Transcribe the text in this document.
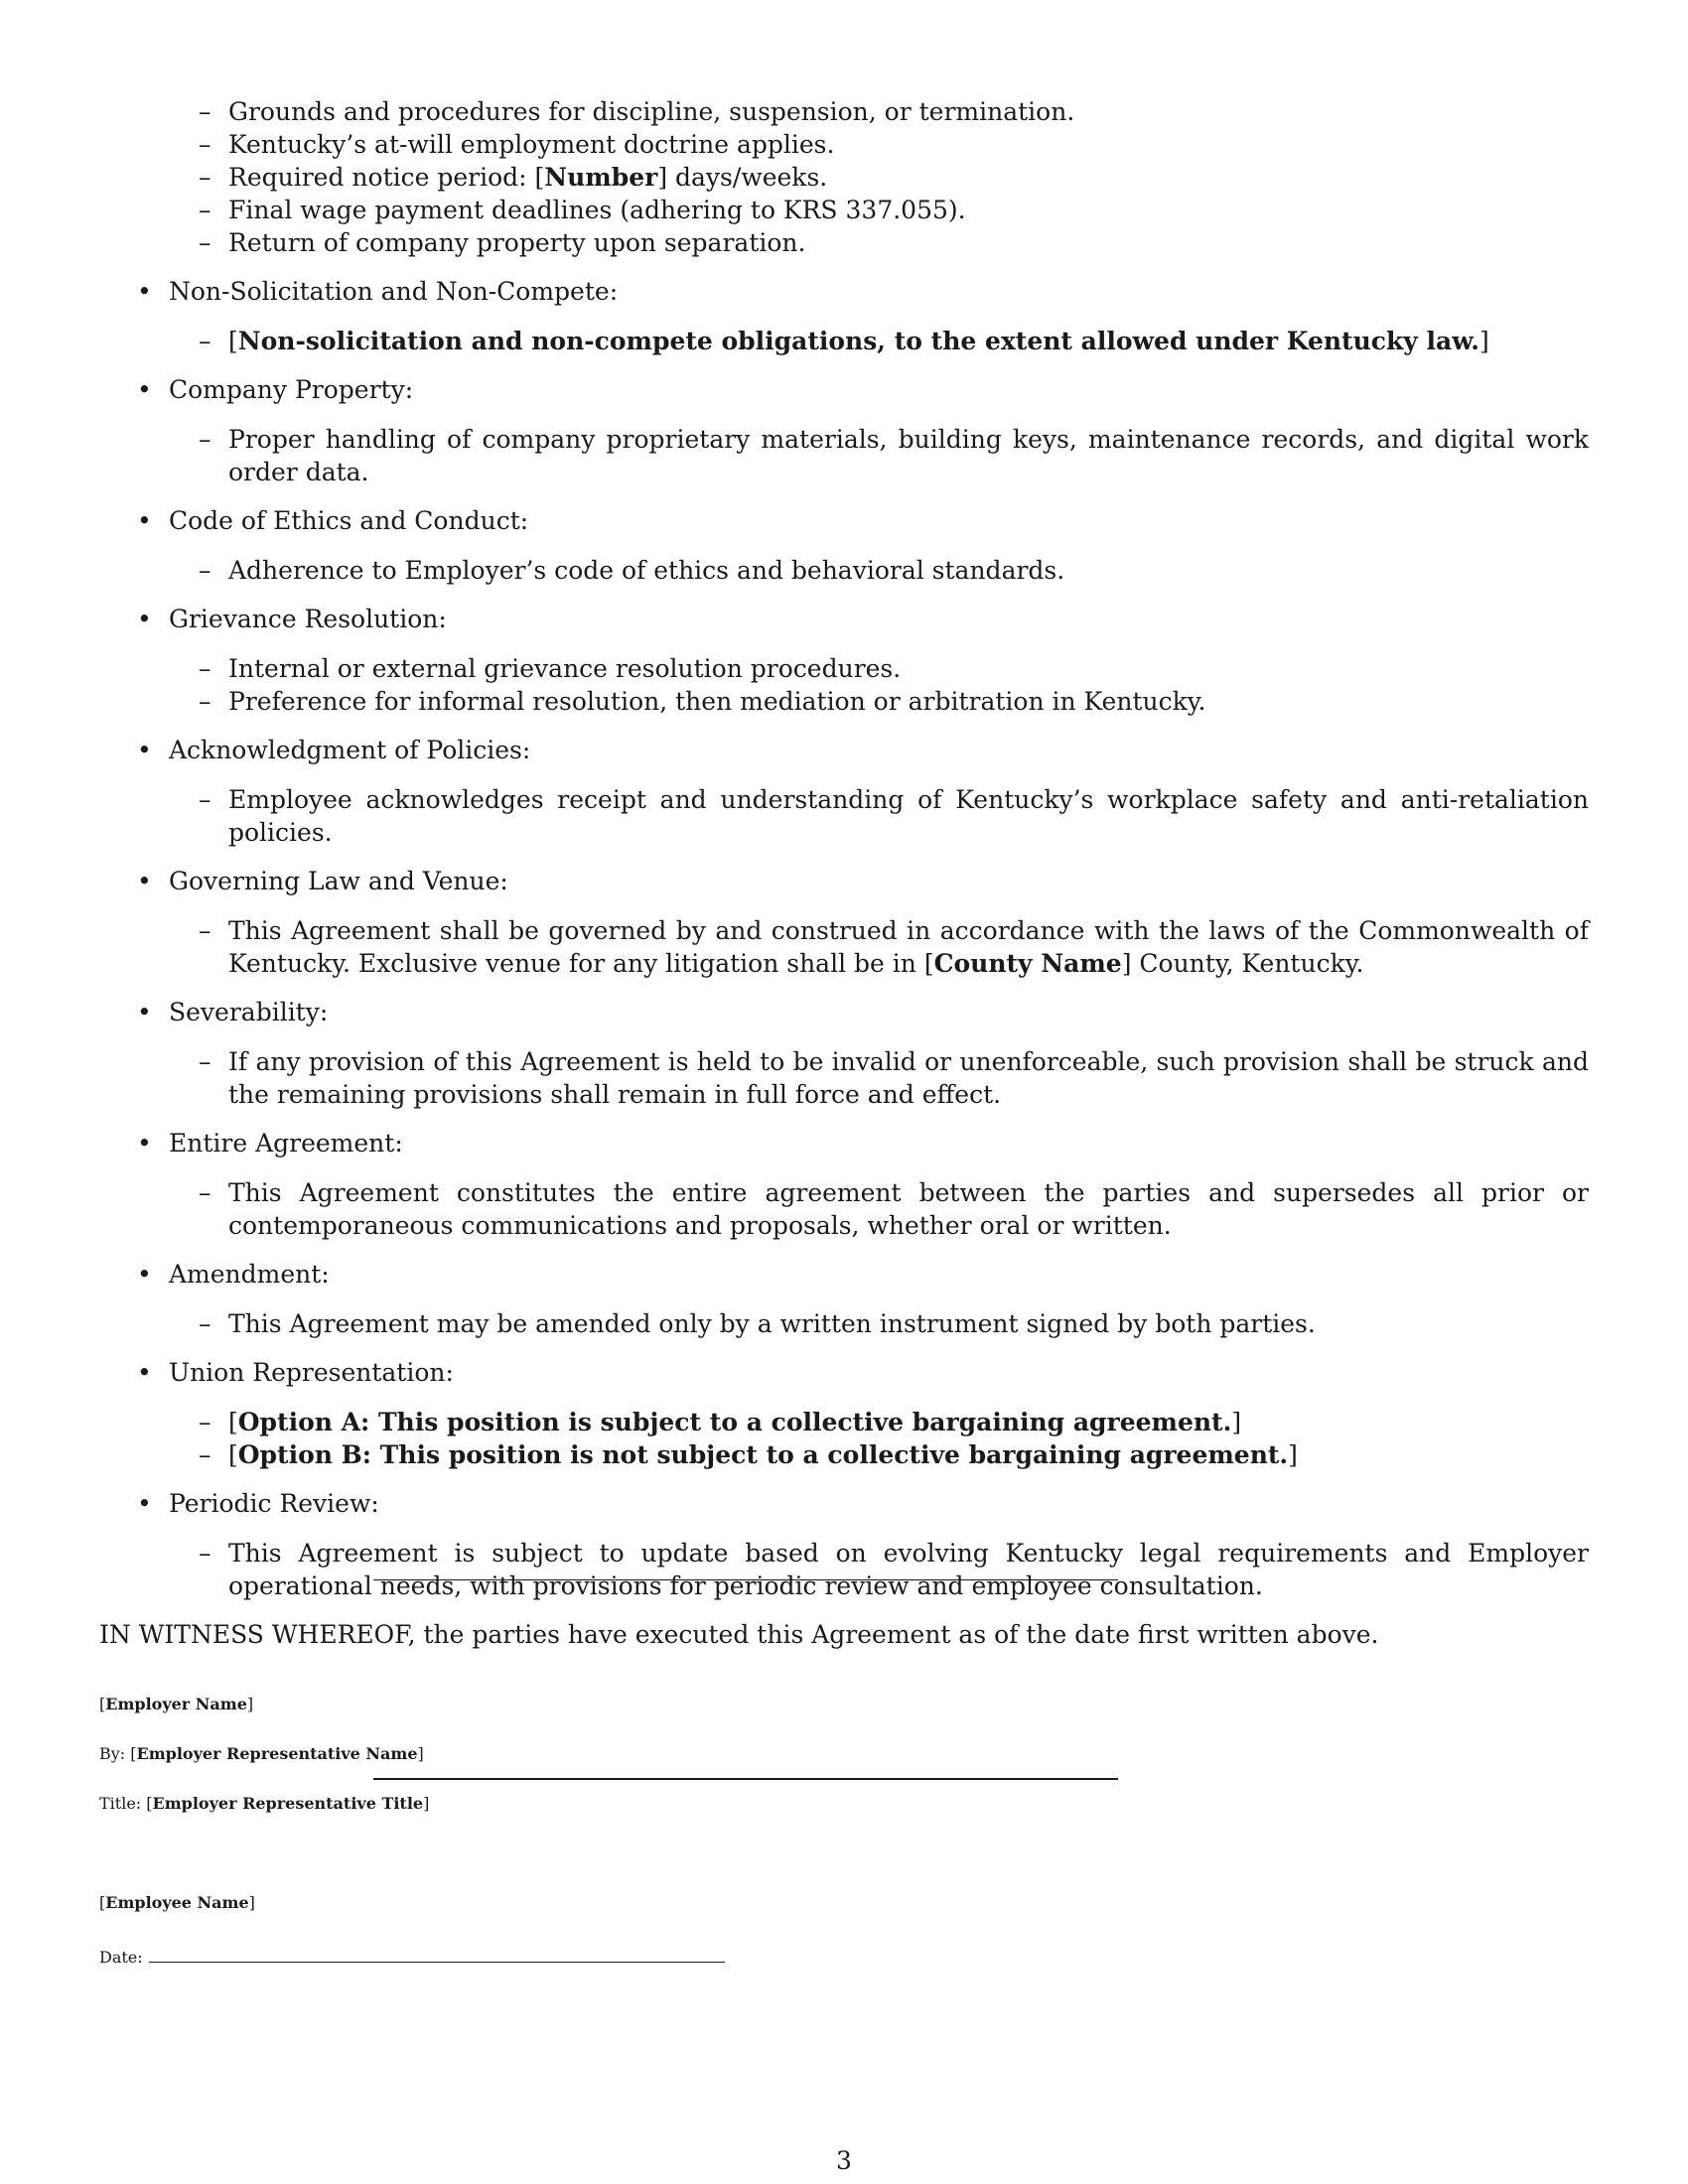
– Grounds and procedures for discipline, suspension, or termination.
– Kentucky’s at-will employment doctrine applies.
– Required notice period: [Number] days/weeks.
– Final wage payment deadlines (adhering to KRS 337.055).
– Return of company property upon separation.
• Non-Solicitation and Non-Compete:
– [Non-solicitation and non-compete obligations, to the extent allowed under Kentucky law.]
• Company Property:
– Proper handling of company proprietary materials, building keys, maintenance records, and digital work order data.
• Code of Ethics and Conduct:
– Adherence to Employer’s code of ethics and behavioral standards.
• Grievance Resolution:
– Internal or external grievance resolution procedures.
– Preference for informal resolution, then mediation or arbitration in Kentucky.
• Acknowledgment of Policies:
– Employee acknowledges receipt and understanding of Kentucky’s workplace safety and anti-retaliation policies.
• Governing Law and Venue:
– This Agreement shall be governed by and construed in accordance with the laws of the Commonwealth of Kentucky. Exclusive venue for any litigation shall be in [County Name] County, Kentucky.
• Severability:
– If any provision of this Agreement is held to be invalid or unenforceable, such provision shall be struck and the remaining provisions shall remain in full force and effect.
• Entire Agreement:
– This Agreement constitutes the entire agreement between the parties and supersedes all prior or contemporaneous communications and proposals, whether oral or written.
• Amendment:
– This Agreement may be amended only by a written instrument signed by both parties.
• Union Representation:
– [Option A: This position is subject to a collective bargaining agreement.]
– [Option B: This position is not subject to a collective bargaining agreement.]
• Periodic Review:
– This Agreement is subject to update based on evolving Kentucky legal requirements and Employer operational needs, with provisions for periodic review and employee consultation.
IN WITNESS WHEREOF, the parties have executed this Agreement as of the date first written above.
[Employer Name]
By: [Employer Representative Name]
Title: [Employer Representative Title]
[Employee Name]
Date:
3
